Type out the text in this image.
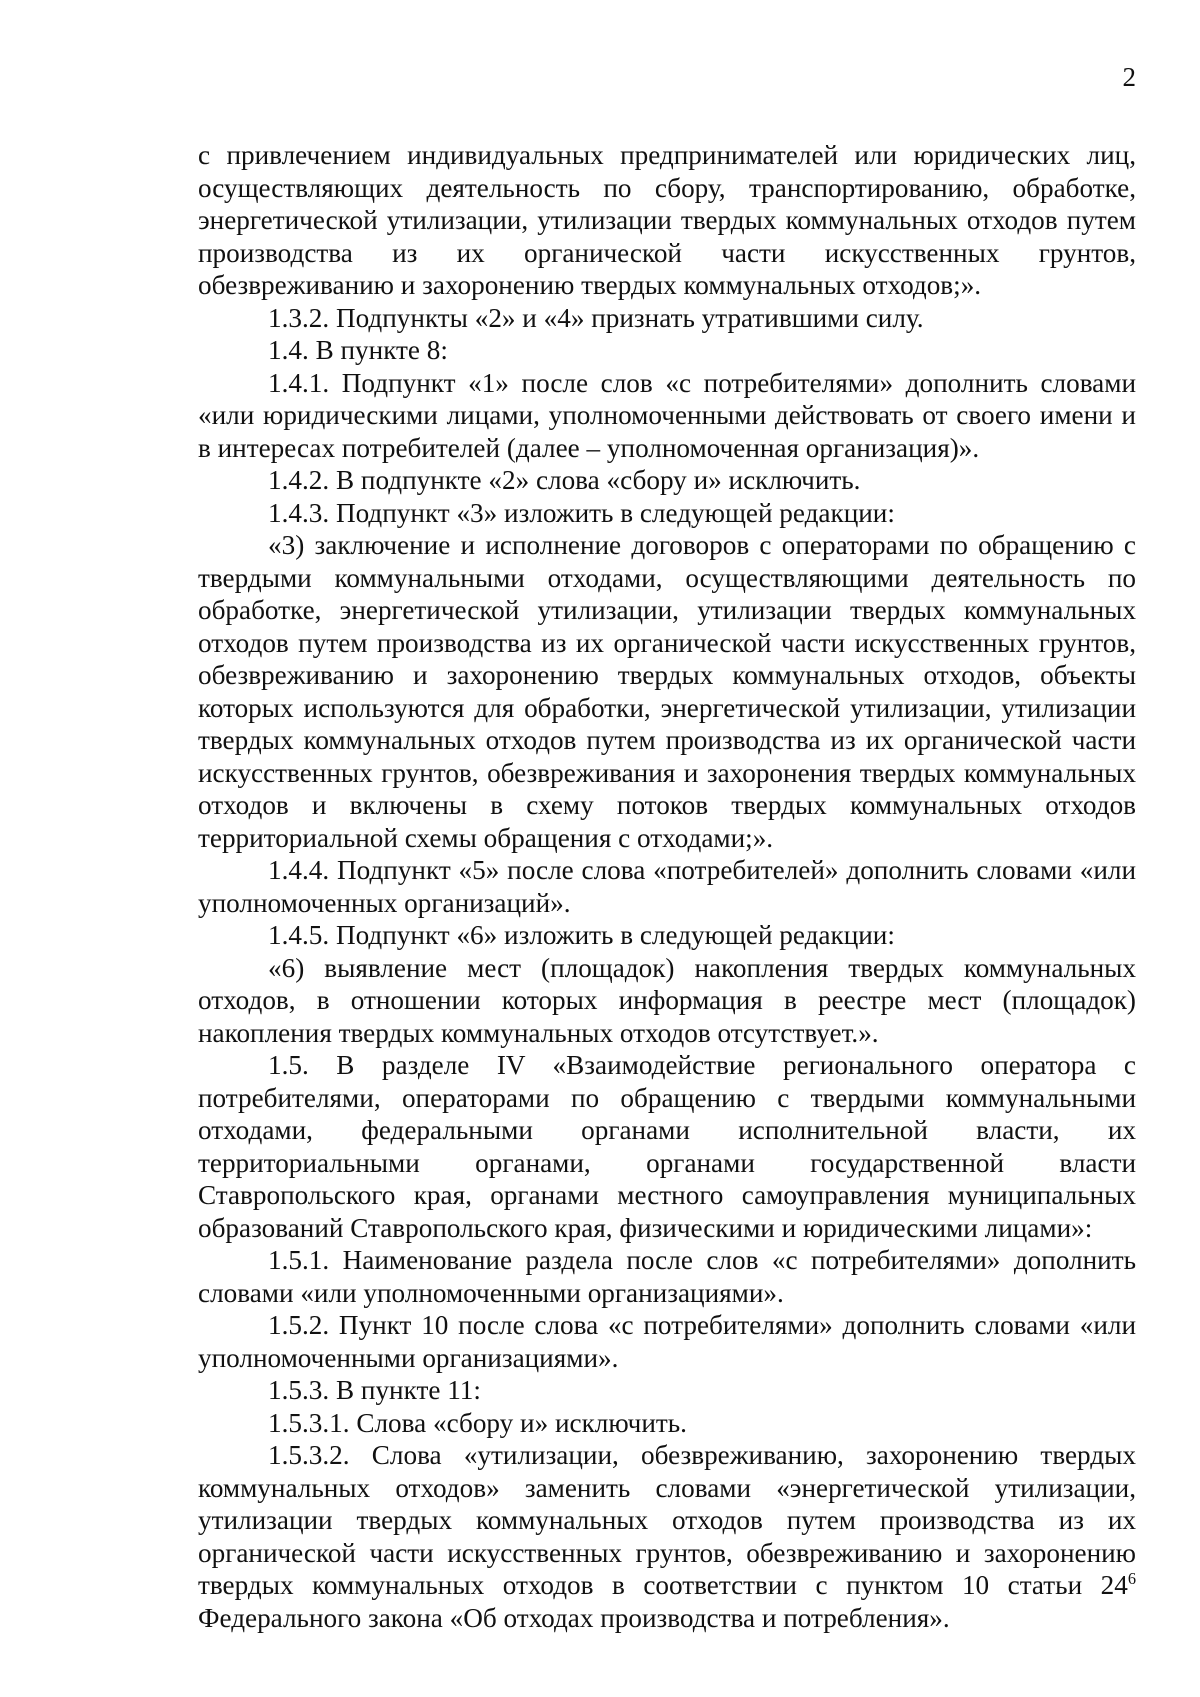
2

с привлечением индивидуальных предпринимателей или юридических лиц, осуществляющих деятельность по сбору, транспортированию, обработке, энергетической утилизации, утилизации твердых коммунальных отходов путем производства из их органической части искусственных грунтов, обезвреживанию и захоронению твердых коммунальных отходов;».

1.3.2. Подпункты «2» и «4» признать утратившими силу.

1.4. В пункте 8:

1.4.1. Подпункт «1» после слов «с потребителями» дополнить словами «или юридическими лицами, уполномоченными действовать от своего имени и в интересах потребителей (далее – уполномоченная организация)».

1.4.2. В подпункте «2» слова «сбору и» исключить.

1.4.3. Подпункт «3» изложить в следующей редакции:

«3) заключение и исполнение договоров с операторами по обращению с твердыми коммунальными отходами, осуществляющими деятельность по обработке, энергетической утилизации, утилизации твердых коммунальных отходов путем производства из их органической части искусственных грунтов, обезвреживанию и захоронению твердых коммунальных отходов, объекты которых используются для обработки, энергетической утилизации, утилизации твердых коммунальных отходов путем производства из их органической части искусственных грунтов, обезвреживания и захоронения твердых коммунальных отходов и включены в схему потоков твердых коммунальных отходов территориальной схемы обращения с отходами;».

1.4.4. Подпункт «5» после слова «потребителей» дополнить словами «или уполномоченных организаций».

1.4.5. Подпункт «6» изложить в следующей редакции:

«6) выявление мест (площадок) накопления твердых коммунальных отходов, в отношении которых информация в реестре мест (площадок) накопления твердых коммунальных отходов отсутствует.».

1.5. В разделе IV «Взаимодействие регионального оператора с потребителями, операторами по обращению с твердыми коммунальными отходами, федеральными органами исполнительной власти, их территориальными органами, органами государственной власти Ставропольского края, органами местного самоуправления муниципальных образований Ставропольского края, физическими и юридическими лицами»:

1.5.1. Наименование раздела после слов «с потребителями» дополнить словами «или уполномоченными организациями».

1.5.2. Пункт 10 после слова «с потребителями» дополнить словами «или уполномоченными организациями».

1.5.3. В пункте 11:

1.5.3.1. Слова «сбору и» исключить.

1.5.3.2. Слова «утилизации, обезвреживанию, захоронению твердых коммунальных отходов» заменить словами «энергетической утилизации, утилизации твердых коммунальных отходов путем производства из их органической части искусственных грунтов, обезвреживанию и захоронению твердых коммунальных отходов в соответствии с пунктом 10 статьи $24^6$ Федерального закона «Об отходах производства и потребления».
